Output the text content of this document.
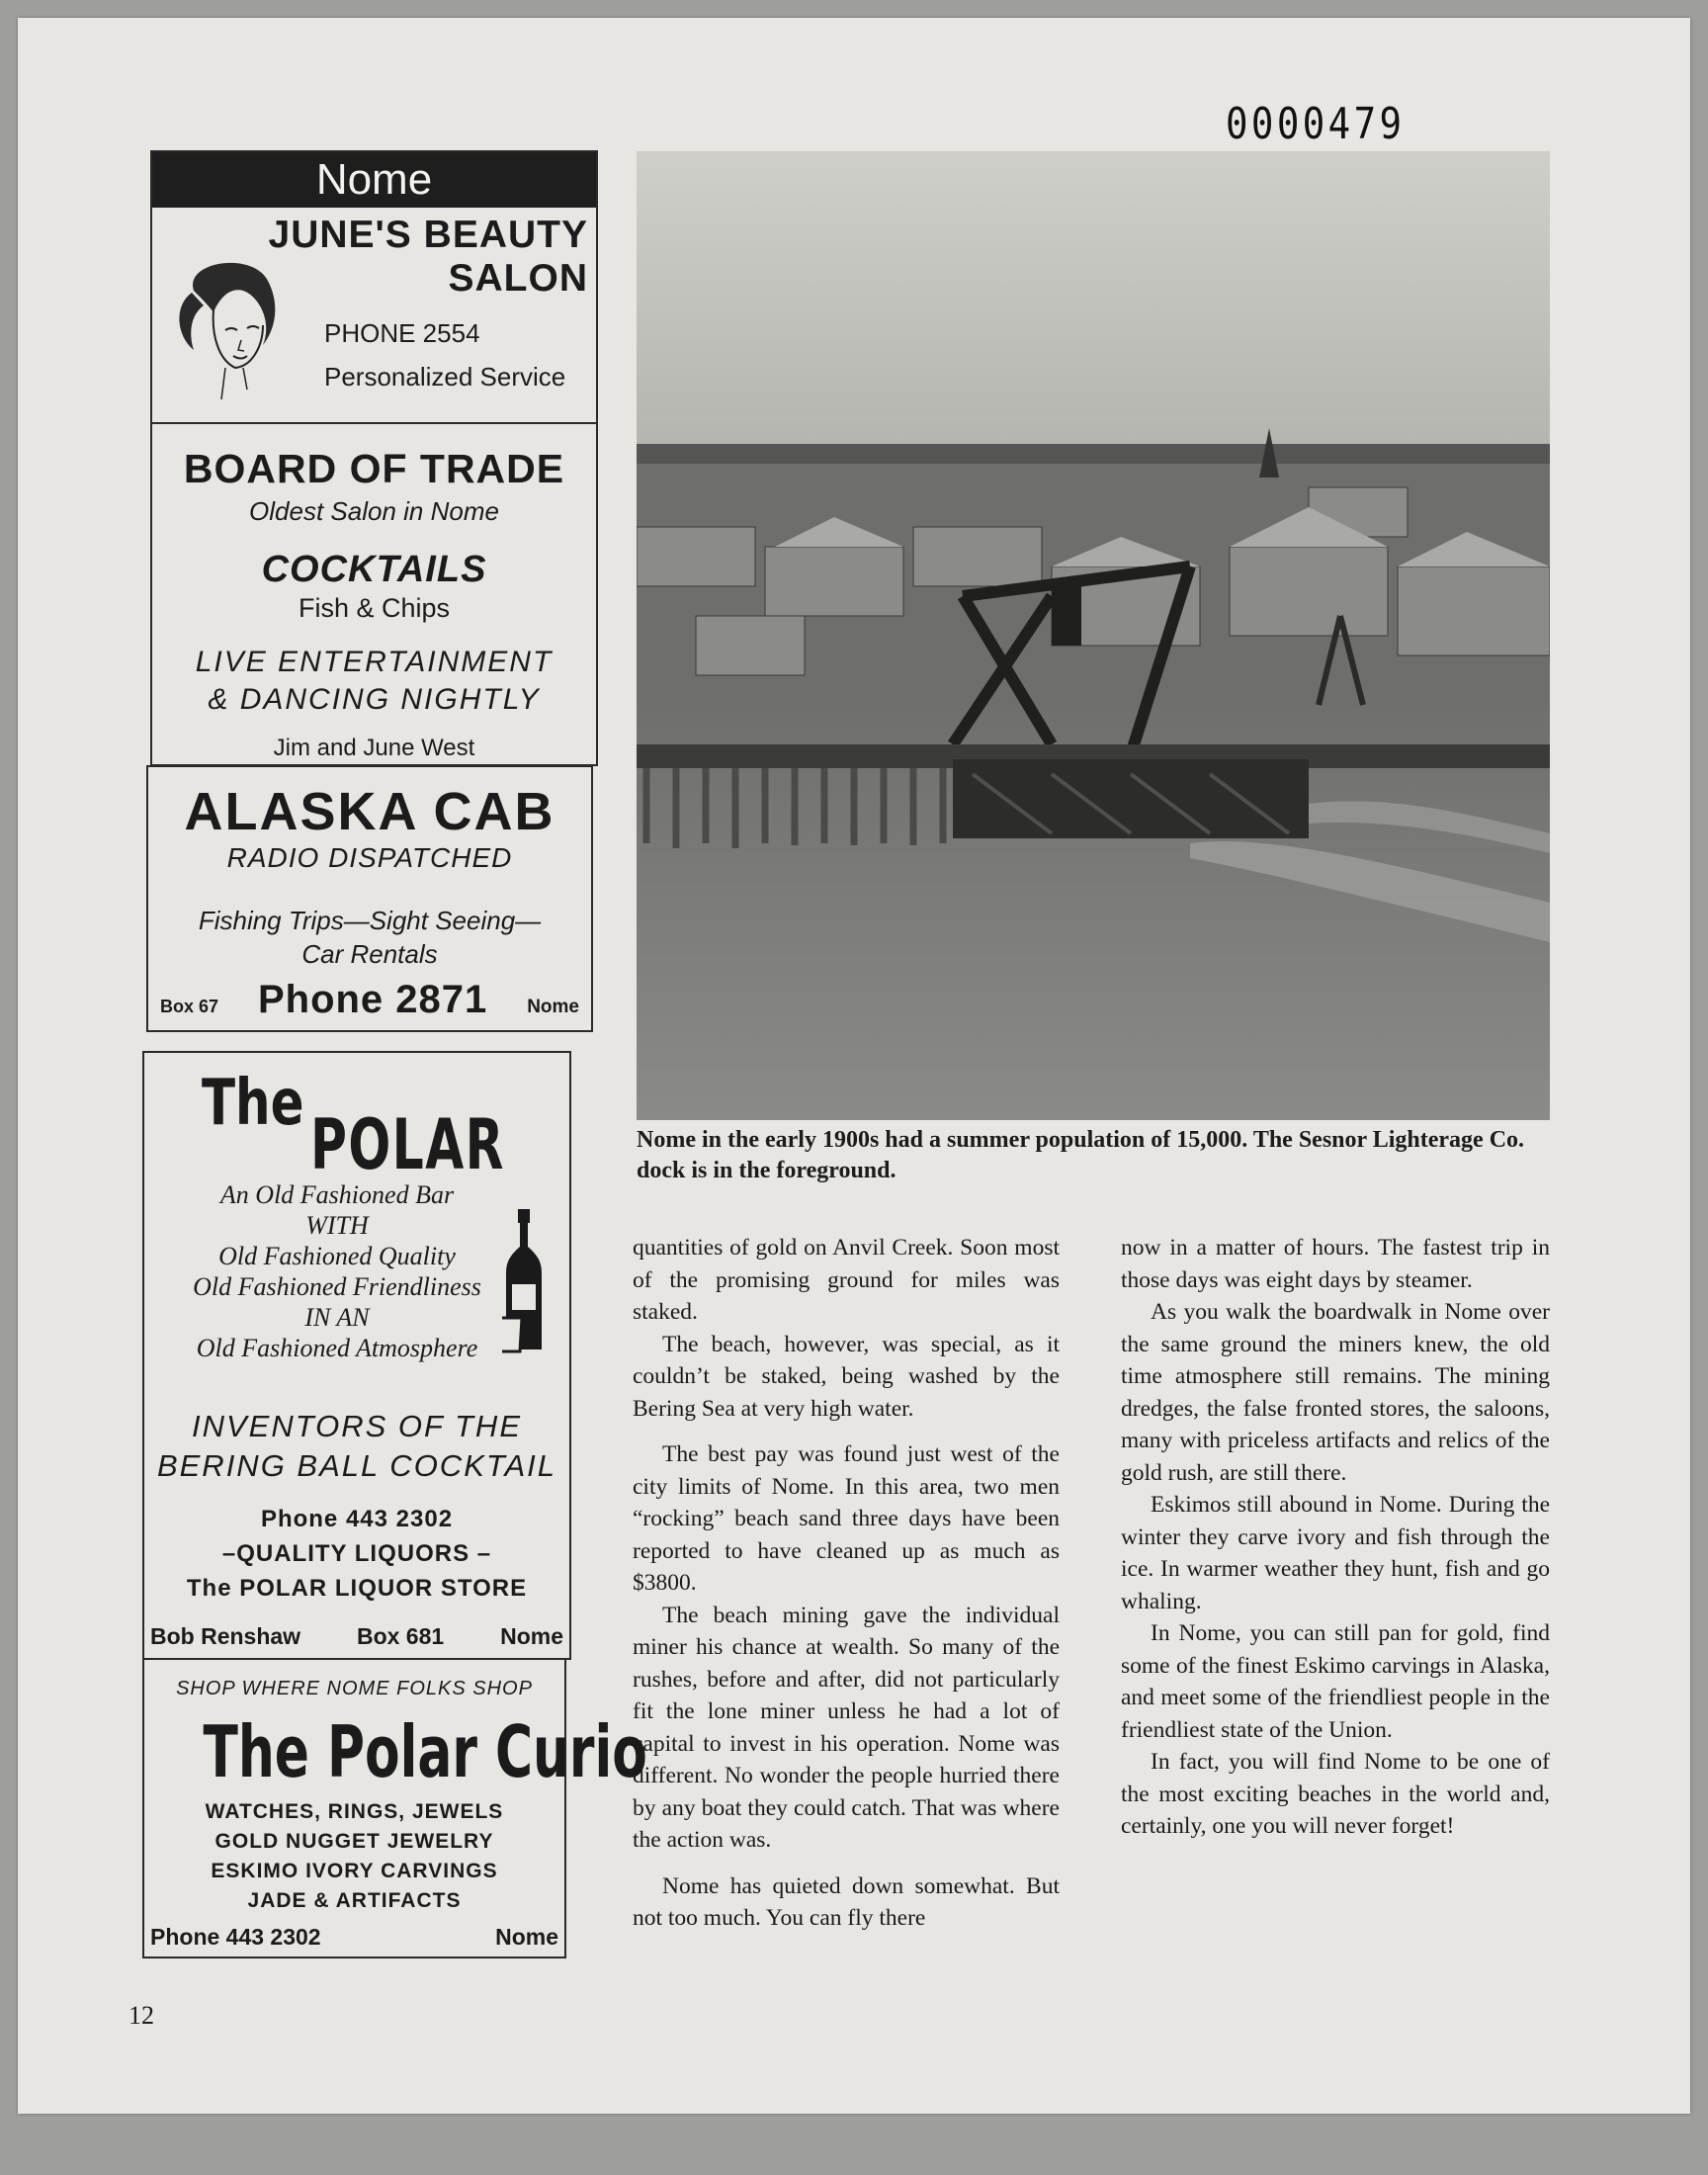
0000479
Nome
JUNE'S BEAUTY
SALON
PHONE 2554
Personalized Service
BOARD OF TRADE
Oldest Salon in Nome
COCKTAILS
Fish & Chips
LIVE ENTERTAINMENT
& DANCING NIGHTLY
Jim and June West
ALASKA CAB
RADIO DISPATCHED
Fishing Trips—Sight Seeing—
Car Rentals
Box 67 Phone 2871 Nome
The
POLAR
An Old Fashioned Bar
WITH
Old Fashioned Quality
Old Fashioned Friendliness
IN AN
Old Fashioned Atmosphere
INVENTORS OF THE
BERING BALL COCKTAIL
Phone 443 2302
–QUALITY LIQUORS –
The POLAR LIQUOR STORE
Bob Renshaw Box 681 Nome
SHOP WHERE NOME FOLKS SHOP
The Polar Curio
WATCHES, RINGS, JEWELS
GOLD NUGGET JEWELRY
ESKIMO IVORY CARVINGS
JADE & ARTIFACTS
Phone 443 2302	Nome
Nome in the early 1900s had a summer population of 15,000. The Sesnor Lighterage Co. dock is in the foreground.

quantities of gold on Anvil Creek. Soon most of the promising ground for miles was staked.

The beach, however, was special, as it couldn’t be staked, being washed by the Bering Sea at very high water.

The best pay was found just west of the city limits of Nome. In this area, two men “rocking” beach sand three days have been reported to have cleaned up as much as $3800.

The beach mining gave the individual miner his chance at wealth. So many of the rushes, before and after, did not particularly fit the lone miner unless he had a lot of capital to invest in his operation. Nome was different. No wonder the people hurried there by any boat they could catch. That was where the action was.

Nome has quieted down somewhat. But not too much. You can fly there

now in a matter of hours. The fastest trip in those days was eight days by steamer.

As you walk the boardwalk in Nome over the same ground the miners knew, the old time atmosphere still remains. The mining dredges, the false fronted stores, the saloons, many with priceless artifacts and relics of the gold rush, are still there.

Eskimos still abound in Nome. During the winter they carve ivory and fish through the ice. In warmer weather they hunt, fish and go whaling.

In Nome, you can still pan for gold, find some of the finest Eskimo carvings in Alaska, and meet some of the friendliest people in the friendliest state of the Union.

In fact, you will find Nome to be one of the most exciting beaches in the world and, certainly, one you will never forget!

12
